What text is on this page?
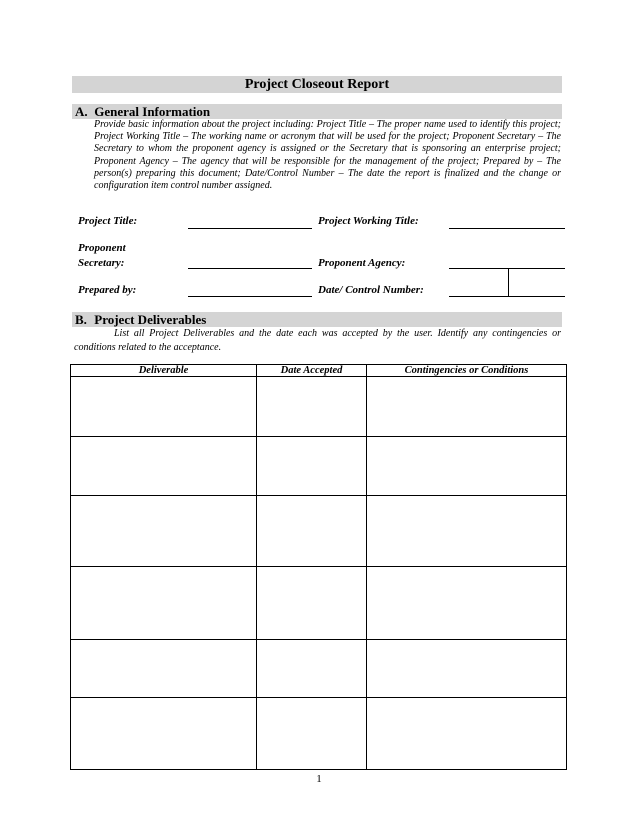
Project Closeout Report
A. General Information

Provide basic information about the project including: Project Title – The proper name used to identify this project; Project Working Title – The working name or acronym that will be used for the project; Proponent Secretary – The Secretary to whom the proponent agency is assigned or the Secretary that is sponsoring an enterprise project; Proponent Agency – The agency that will be responsible for the management of the project; Prepared by – The person(s) preparing this document; Date/Control Number – The date the report is finalized and the change or configuration item control number assigned.

Project Title:	Project Working Title:

Proponent

Secretary:	Proponent Agency:

Prepared by:	Date/ Control Number:

B. Project Deliverables

List all Project Deliverables and the date each was accepted by the user. Identify any contingencies or conditions related to the acceptance.

Deliverable	Date Accepted	Contingencies or Conditions

1
